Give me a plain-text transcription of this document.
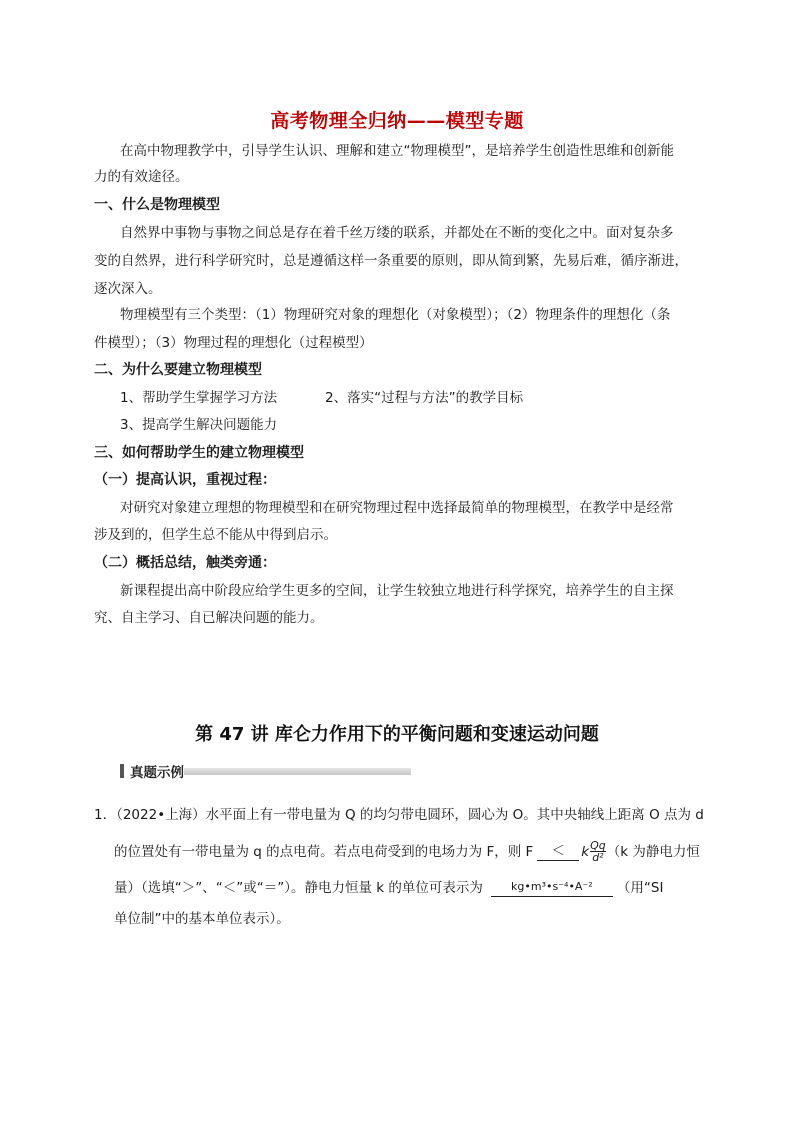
高考物理全归纳——模型专题
在高中物理教学中，引导学生认识、理解和建立“物理模型”，是培养学生创造性思维和创新能
力的有效途径。
一、什么是物理模型
自然界中事物与事物之间总是存在着千丝万缕的联系，并都处在不断的变化之中。面对复杂多
变的自然界，进行科学研究时，总是遵循这样一条重要的原则，即从简到繁，先易后难，循序渐进，
逐次深入。
物理模型有三个类型：（1）物理研究对象的理想化（对象模型）；（2）物理条件的理想化（条
件模型）；（3）物理过程的理想化（过程模型）
二、为什么要建立物理模型
1、帮助学生掌握学习方法	2、落实“过程与方法”的教学目标
3、提高学生解决问题能力
三、如何帮助学生的建立物理模型
（一）提高认识，重视过程：
对研究对象建立理想的物理模型和在研究物理过程中选择最简单的物理模型，在教学中是经常
涉及到的，但学生总不能从中得到启示。
（二）概括总结，触类旁通：
新课程提出高中阶段应给学生更多的空间，让学生较独立地进行科学探究，培养学生的自主探
究、自主学习、自已解决问题的能力。
第 47 讲 库仑力作用下的平衡问题和变速运动问题
真题示例
1．（2022•上海）水平面上有一带电量为 Q 的均匀带电圆环，圆心为 O。其中央轴线上距离 O 点为 d
的位置处有一带电量为 q 的点电荷。若点电荷受到的电场力为 F，则 F	＜	k $\frac{Qq}{\text{d²}} (k$ 为静电力恒
量）（选填“＞”、“＜”或“＝”）。静电力恒量 k 的单位可表示为	kg•m³•s⁻⁴•A⁻²	（用“SI
单位制”中的基本单位表示）。
